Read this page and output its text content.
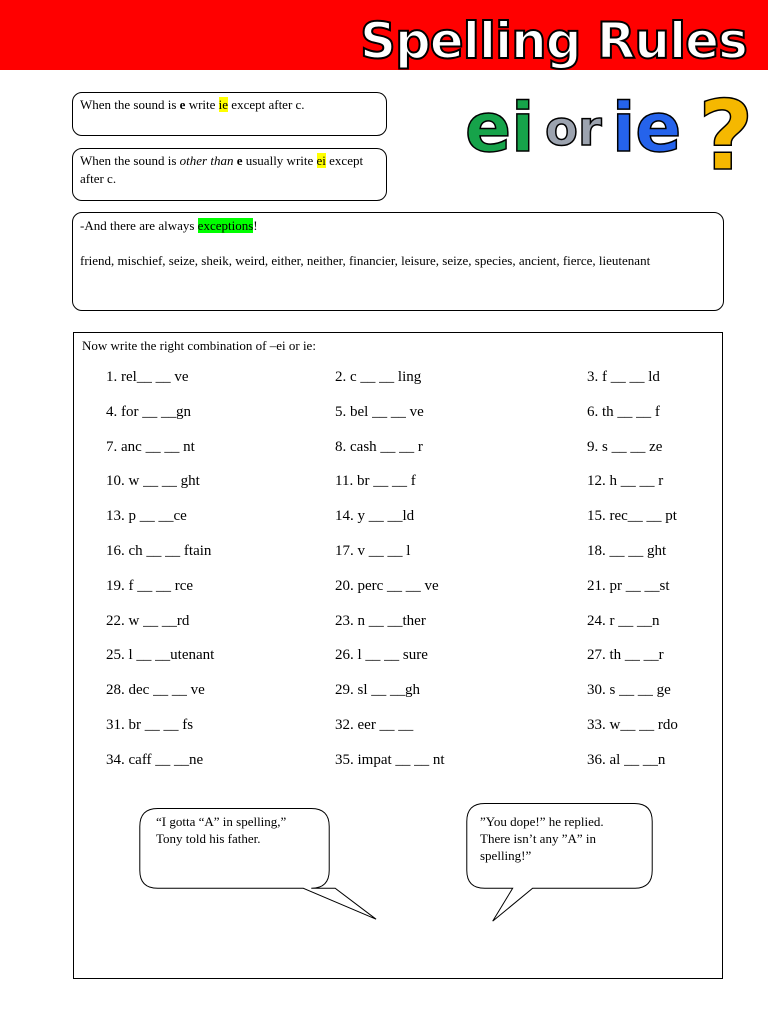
Spelling Rules
ei or ie ?
When the sound is e write ie except after c.
When the sound is other than e usually write ei except after c.
-And there are always exceptions!
friend, mischief, seize, sheik, weird, either, neither, financier, leisure, seize, species, ancient, fierce, lieutenant
Now write the right combination of –ei or ie:
1. rel__ __ ve	2. c __ __ ling	3. f __ __ ld
4. for __ __gn	5. bel __ __ ve	6. th __ __ f
7. anc __ __ nt	8. cash __ __ r	9. s __ __ ze
10. w __ __ ght	11. br __ __ f	12. h __ __ r
13. p __ __ce	14. y __ __ld	15. rec__ __ pt
16. ch __ __ ftain	17. v __ __ l	18. __ __ ght
19. f __ __ rce	20. perc __ __ ve	21. pr __ __st
22. w __ __rd	23. n __ __ther	24. r __ __n
25. l __ __utenant	26. l __ __ sure	27. th __ __r
28. dec __ __ ve	29. sl __ __gh	30. s __ __ ge
31. br __ __ fs	32. eer __ __	33. w__ __ rdo
34. caff __ __ne	35. impat __ __ nt	36. al __ __n
“I gotta “A” in spelling,”
Tony told his father.
”You dope!” he replied.
There isn’t any ”A” in
spelling!”
